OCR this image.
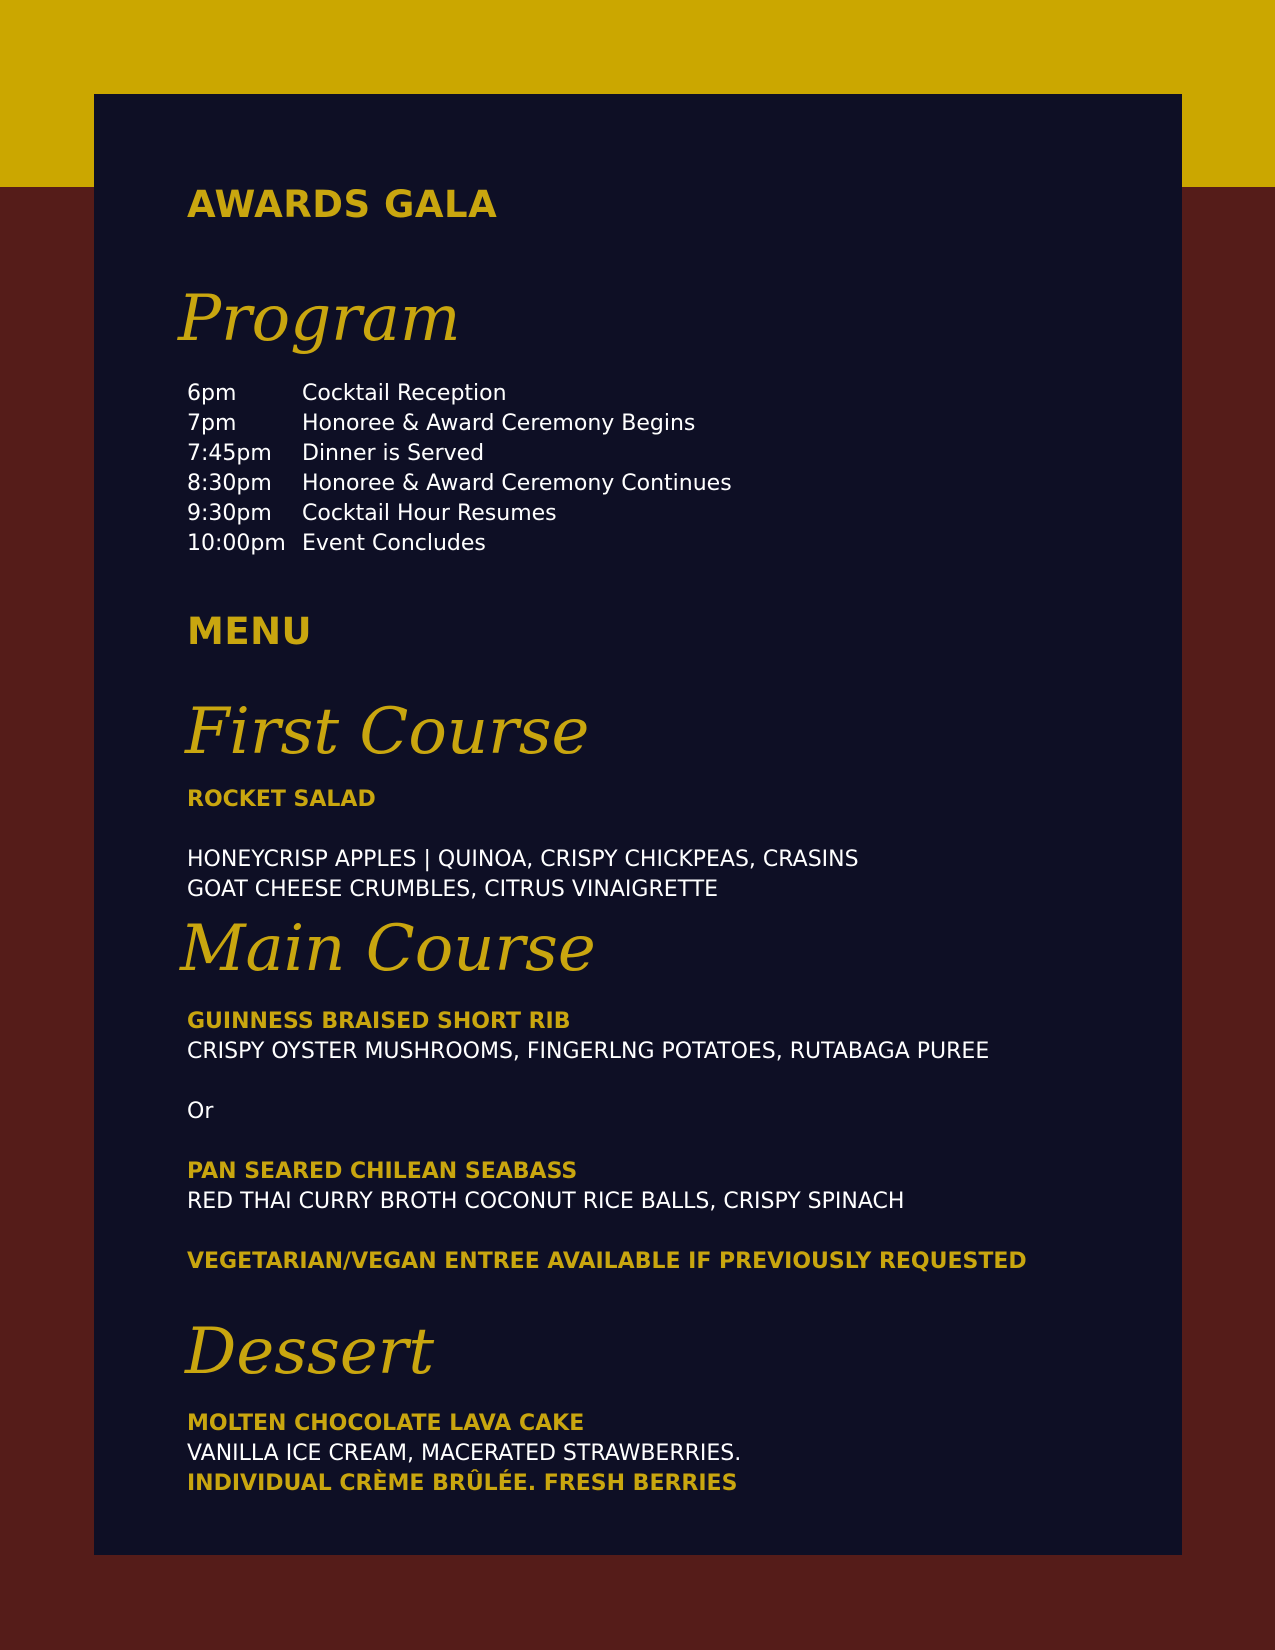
AWARDS GALA
Program
6pm	Cocktail Reception
7pm	Honoree & Award Ceremony Begins
7:45pm Dinner is Served
8:30pm Honoree & Award Ceremony Continues
9:30pm Cocktail Hour Resumes
10:00pm Event Concludes
MENU
First Course
ROCKET SALAD
HONEYCRISP APPLES | QUINOA, CRISPY CHICKPEAS, CRASINS
GOAT CHEESE CRUMBLES, CITRUS VINAIGRETTE
Main Course
GUINNESS BRAISED SHORT RIB
CRISPY OYSTER MUSHROOMS, FINGERLNG POTATOES, RUTABAGA PUREE
Or
PAN SEARED CHILEAN SEABASS
RED THAI CURRY BROTH COCONUT RICE BALLS, CRISPY SPINACH
VEGETARIAN/VEGAN ENTREE AVAILABLE IF PREVIOUSLY REQUESTED
Dessert
MOLTEN CHOCOLATE LAVA CAKE
VANILLA ICE CREAM, MACERATED STRAWBERRIES.
INDIVIDUAL CRÈME BRÛLÉE. FRESH BERRIES
